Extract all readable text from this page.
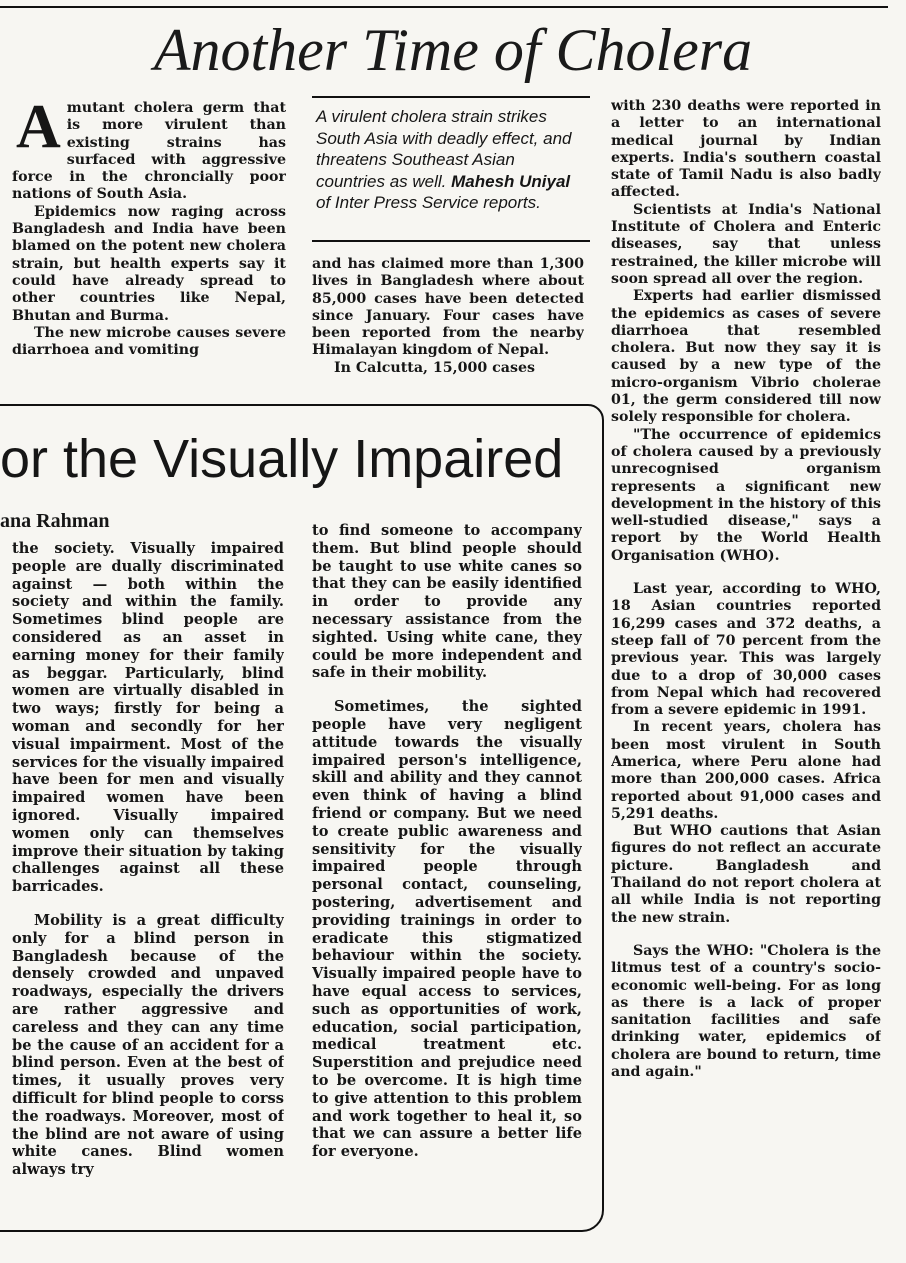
Another Time of Cholera

Amutant cholera germ that is more virulent than existing strains has surfaced with aggressive force in the chroncially poor nations of South Asia.

Epidemics now raging across Bangladesh and India have been blamed on the potent new cholera strain, but health experts say it could have already spread to other countries like Nepal, Bhutan and Burma.

The new microbe causes severe diarrhoea and vomiting

A virulent cholera strain strikes South Asia with deadly effect, and threatens Southeast Asian countries as well. Mahesh Uniyal of Inter Press Service reports.

and has claimed more than 1,300 lives in Bangladesh where about 85,000 cases have been detected since January. Four cases have been reported from the nearby Himalayan kingdom of Nepal.

In Calcutta, 15,000 cases

with 230 deaths were reported in a letter to an international medical journal by Indian experts. India's southern coastal state of Tamil Nadu is also badly affected.

Scientists at India's National Institute of Cholera and Enteric diseases, say that unless restrained, the killer microbe will soon spread all over the region.

Experts had earlier dismissed the epidemics as cases of severe diarrhoea that resembled cholera. But now they say it is caused by a new type of the micro-organism Vibrio cholerae 01, the germ considered till now solely responsible for cholera.

"The occurrence of epidemics of cholera caused by a previously unrecognised organism represents a significant new development in the history of this well-studied disease," says a report by the World Health Organisation (WHO).

Last year, according to WHO, 18 Asian countries reported 16,299 cases and 372 deaths, a steep fall of 70 percent from the previous year. This was largely due to a drop of 30,000 cases from Nepal which had recovered from a severe epidemic in 1991.

In recent years, cholera has been most virulent in South America, where Peru alone had more than 200,000 cases. Africa reported about 91,000 cases and 5,291 deaths.

But WHO cautions that Asian figures do not reflect an accurate picture. Bangladesh and Thailand do not report cholera at all while India is not reporting the new strain.

Says the WHO: "Cholera is the litmus test of a country's socio-economic well-being. For as long as there is a lack of proper sanitation facilities and safe drinking water, epidemics of cholera are bound to return, time and again."

or the Visually Impaired
ana Rahman

the society. Visually impaired people are dually discriminated against — both within the society and within the family. Sometimes blind people are considered as an asset in earning money for their family as beggar. Particularly, blind women are virtually disabled in two ways; firstly for being a woman and secondly for her visual impairment. Most of the services for the visually impaired have been for men and visually impaired women have been ignored. Visually impaired women only can themselves improve their situation by taking challenges against all these barricades.

Mobility is a great difficulty only for a blind person in Bangladesh because of the densely crowded and unpaved roadways, especially the drivers are rather aggressive and careless and they can any time be the cause of an accident for a blind person. Even at the best of times, it usually proves very difficult for blind people to corss the roadways. Moreover, most of the blind are not aware of using white canes. Blind women always try

to find someone to accompany them. But blind people should be taught to use white canes so that they can be easily identified in order to provide any necessary assistance from the sighted. Using white cane, they could be more independent and safe in their mobility.

Sometimes, the sighted people have very negligent attitude towards the visually impaired person's intelligence, skill and ability and they cannot even think of having a blind friend or company. But we need to create public awareness and sensitivity for the visually impaired people through personal contact, counseling, postering, advertisement and providing trainings in order to eradicate this stigmatized behaviour within the society. Visually impaired people have to have equal access to services, such as opportunities of work, education, social participation, medical treatment etc. Superstition and prejudice need to be overcome. It is high time to give attention to this problem and work together to heal it, so that we can assure a better life for everyone.
